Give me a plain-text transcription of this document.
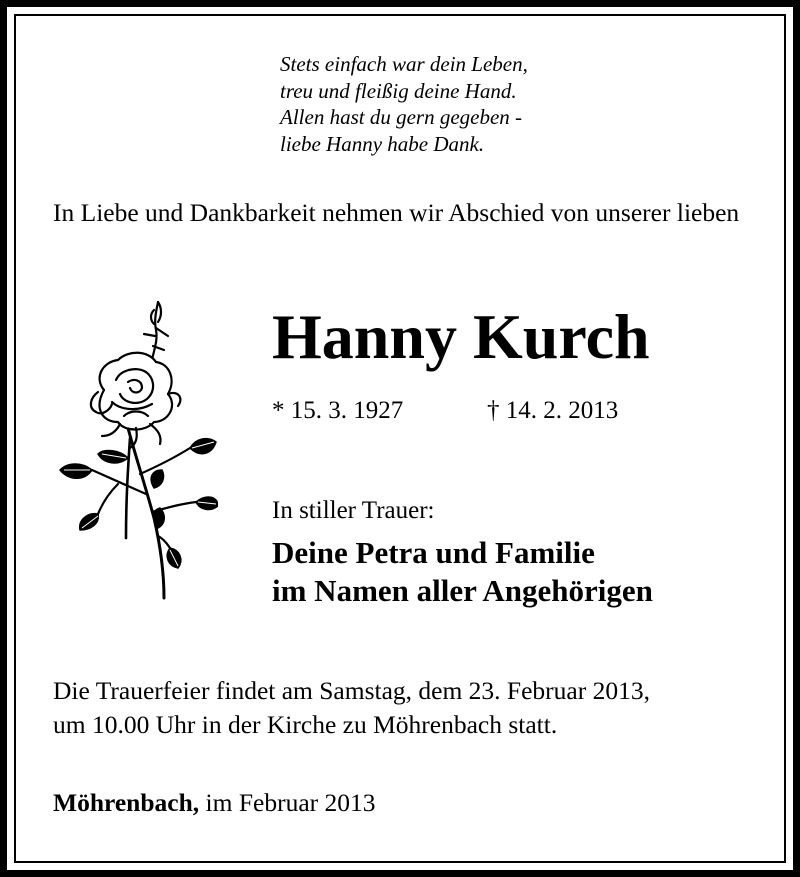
Stets einfach war dein Leben,
treu und fleißig deine Hand.
Allen hast du gern gegeben -
liebe Hanny habe Dank.
In Liebe und Dankbarkeit nehmen wir Abschied von unserer lieben
Hanny Kurch
* 15. 3. 1927	† 14. 2. 2013
In stiller Trauer:
Deine Petra und Familie
im Namen aller Angehörigen
Die Trauerfeier findet am Samstag, dem 23. Februar 2013,
um 10.00 Uhr in der Kirche zu Möhrenbach statt.
Möhrenbach, im Februar 2013
